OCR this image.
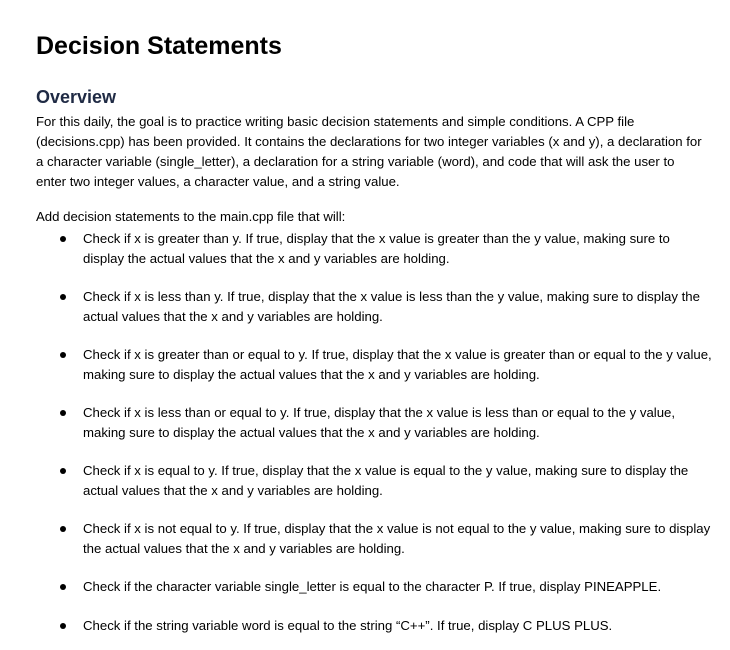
Decision Statements
Overview

For this daily, the goal is to practice writing basic decision statements and simple conditions. A CPP file (decisions.cpp) has been provided. It contains the declarations for two integer variables (x and y), a declaration for a character variable (single_letter), a declaration for a string variable (word), and code that will ask the user to enter two integer values, a character value, and a string value.

Add decision statements to the main.cpp file that will:

Check if x is greater than y. If true, display that the x value is greater than the y value, making sure to display the actual values that the x and y variables are holding.
Check if x is less than y. If true, display that the x value is less than the y value, making sure to display the actual values that the x and y variables are holding.
Check if x is greater than or equal to y. If true, display that the x value is greater than or equal to the y value, making sure to display the actual values that the x and y variables are holding.
Check if x is less than or equal to y. If true, display that the x value is less than or equal to the y value, making sure to display the actual values that the x and y variables are holding.
Check if x is equal to y. If true, display that the x value is equal to the y value, making sure to display the actual values that the x and y variables are holding.
Check if x is not equal to y. If true, display that the x value is not equal to the y value, making sure to display the actual values that the x and y variables are holding.
Check if the character variable single_letter is equal to the character P. If true, display PINEAPPLE.
Check if the string variable word is equal to the string “C++”. If true, display C PLUS PLUS.
